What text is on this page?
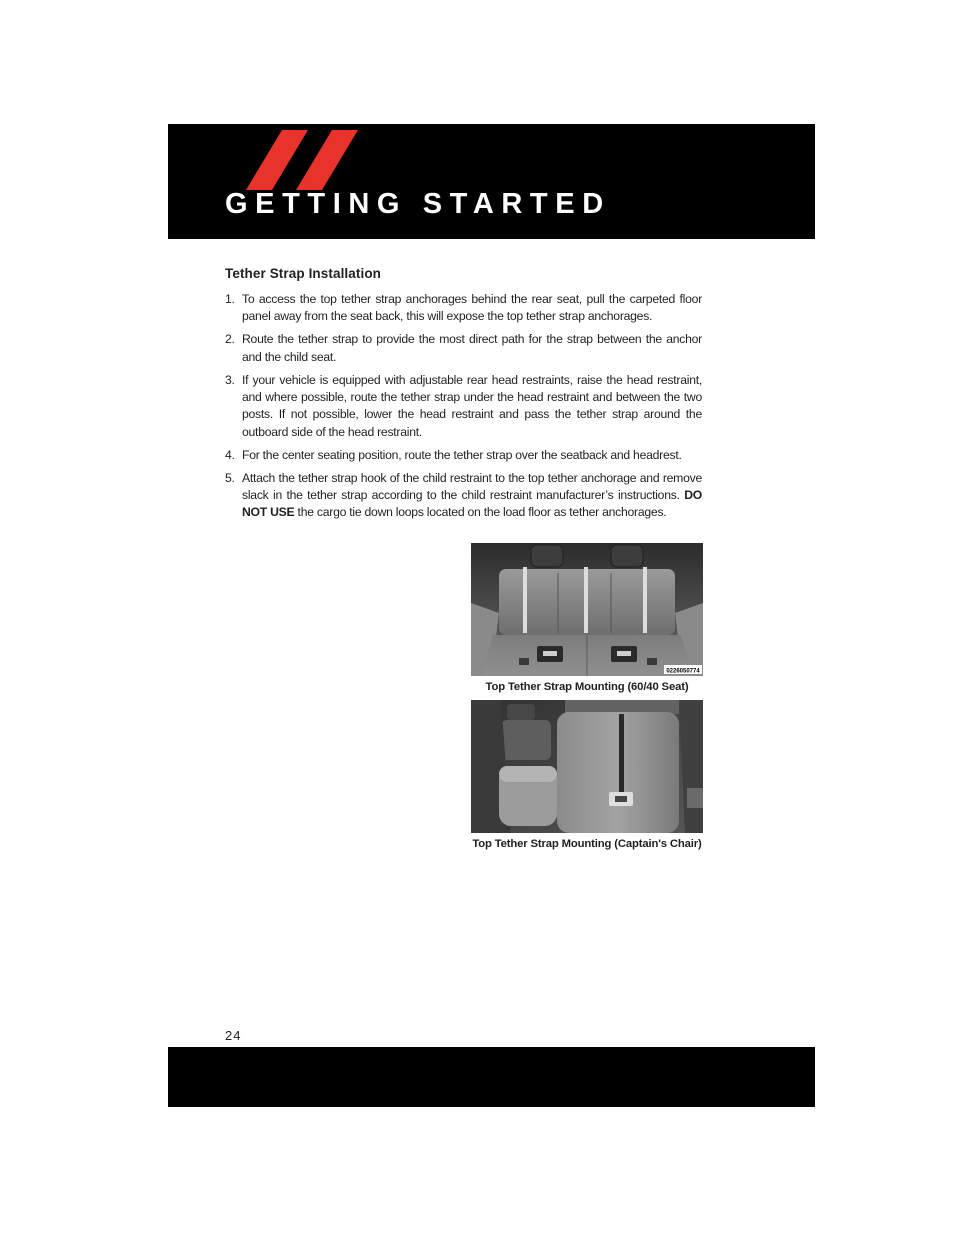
GETTING STARTED
Tether Strap Installation
1. To access the top tether strap anchorages behind the rear seat, pull the carpeted floor panel away from the seat back, this will expose the top tether strap anchorages.
2. Route the tether strap to provide the most direct path for the strap between the anchor and the child seat.
3. If your vehicle is equipped with adjustable rear head restraints, raise the head restraint, and where possible, route the tether strap under the head restraint and between the two posts. If not possible, lower the head restraint and pass the tether strap around the outboard side of the head restraint.
4. For the center seating position, route the tether strap over the seatback and headrest.
5. Attach the tether strap hook of the child restraint to the top tether anchorage and remove slack in the tether strap according to the child restraint manufacturer’s instructions. DO NOT USE the cargo tie down loops located on the load floor as tether anchorages.
0226050774
Top Tether Strap Mounting (60/40 Seat)
Top Tether Strap Mounting (Captain's Chair)
24
